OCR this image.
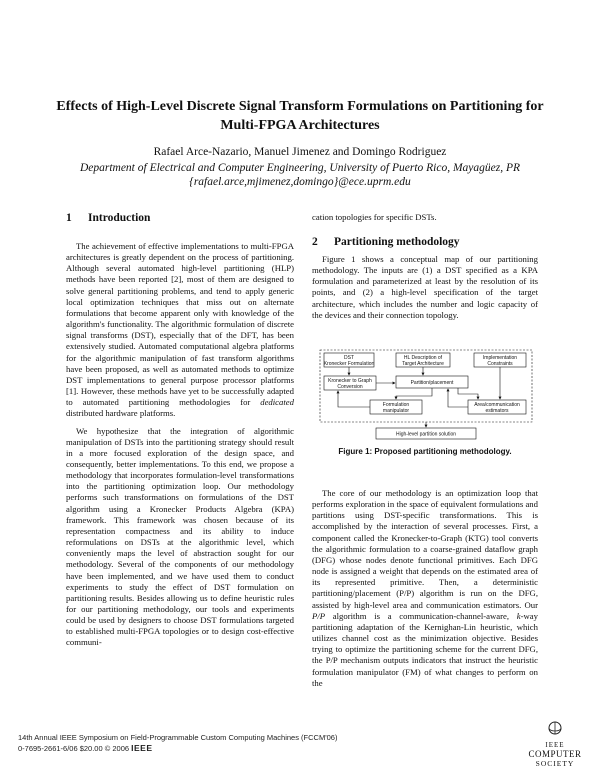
Effects of High-Level Discrete Signal Transform Formulations on Partitioning for Multi-FPGA Architectures
Rafael Arce-Nazario, Manuel Jimenez and Domingo Rodriguez
Department of Electrical and Computer Engineering, University of Puerto Rico, Mayagüez, PR
{rafael.arce,mjimenez,domingo}@ece.uprm.edu
1 Introduction

The achievement of effective implementations to multi-FPGA architectures is greatly dependent on the process of partitioning. Although several automated high-level partitioning (HLP) methods have been reported [2], most of them are designed to solve general partitioning problems, and tend to apply generic local optimization techniques that miss out on alternate formulations that become apparent only with knowledge of the algorithm's functionality. The algorithmic formulation of discrete signal transforms (DST), especially that of the DFT, has been extensively studied. Automated computational algebra platforms for the algorithmic manipulation of fast transform algorithms have been proposed, as well as automated methods to optimize DST implementations to general purpose processor platforms [1]. However, these methods have yet to be successfully adapted to automated partitioning methodologies for dedicated distributed hardware platforms.

We hypothesize that the integration of algorithmic manipulation of DSTs into the partitioning strategy should result in a more focused exploration of the design space, and consequently, better implementations. To this end, we propose a methodology that incorporates formulation-level transformations into the partitioning optimization loop. Our methodology performs such transformations on formulations of the DST algorithm using a Kronecker Products Algebra (KPA) framework. This framework was chosen because of its representation compactness and its ability to induce reformulations on DSTs at the algorithmic level, which conveniently maps the level of abstraction sought for our methodology. Several of the components of our methodology have been implemented, and we have used them to conduct experiments to study the effect of DST formulation on partitioning results. Besides allowing us to define heuristic rules for our partitioning methodology, our tools and experiments could be used by designers to choose DST formulations targeted to established multi-FPGA topologies or to design cost-effective communi-

cation topologies for specific DSTs.
2 Partitioning methodology

Figure 1 shows a conceptual map of our partitioning methodology. The inputs are (1) a DST specified as a KPA formulation and parameterized at least by the resolution of its points, and (2) a high-level specification of the target architecture, which includes the number and logic capacity of the devices and their connection topology.

DST
Kronecker Formulation
HL Description of
Target Architecture
Implementation
Constraints
Kronecker to Graph
Conversion
Partition/placement
Formulation
manipulator
Area/communication
estimators
High-level partition solution
Figure 1: Proposed partitioning methodology.

The core of our methodology is an optimization loop that performs exploration in the space of equivalent formulations and partitions using DST-specific transformations. This is accomplished by the interaction of several processes. First, a component called the Kronecker-to-Graph (KTG) tool converts the algorithmic formulation to a coarse-grained dataflow graph (DFG) whose nodes denote functional primitives. Each DFG node is assigned a weight that depends on the estimated area of its represented primitive. Then, a deterministic partitioning/placement (P/P) algorithm is run on the DFG, assisted by high-level area and communication estimators. Our P/P algorithm is a communication-channel-aware, k-way partitioning adaptation of the Kernighan-Lin heuristic, which utilizes channel cost as the minimization objective. Besides trying to optimize the partitioning scheme for the current DFG, the P/P mechanism outputs indicators that instruct the heuristic formulation manipulator (FM) of what changes to perform on the

14th Annual IEEE Symposium on Field-Programmable Custom Computing Machines (FCCM'06)
0-7695-2661-6/06 $20.00 © 2006 IEEE	IEEE
COMPUTER
SOCIETY
